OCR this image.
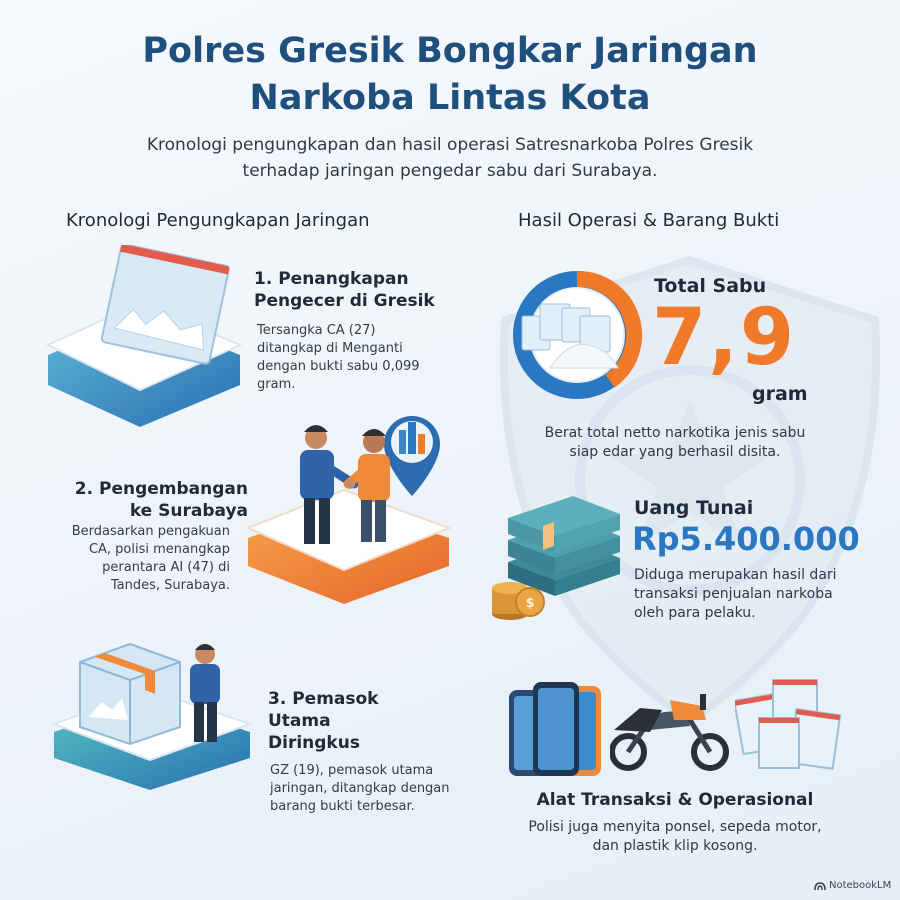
Polres Gresik Bongkar Jaringan
Narkoba Lintas Kota
Kronologi pengungkapan dan hasil operasi Satresnarkoba Polres Gresik
terhadap jaringan pengedar sabu dari Surabaya.
Kronologi Pengungkapan Jaringan
1. Penangkapan
Pengecer di Gresik
Tersangka CA (27)
ditangkap di Menganti
dengan bukti sabu 0,099
gram.
2. Pengembangan
ke Surabaya
Berdasarkan pengakuan
CA, polisi menangkap
perantara AI (47) di
Tandes, Surabaya.
3. Pemasok
Utama
Diringkus
GZ (19), pemasok utama
jaringan, ditangkap dengan
barang bukti terbesar.
Hasil Operasi & Barang Bukti
Total Sabu
7,9
gram
Berat total netto narkotika jenis sabu
siap edar yang berhasil disita.
$
Uang Tunai
Rp5.400.000
Diduga merupakan hasil dari
transaksi penjualan narkoba
oleh para pelaku.
Alat Transaksi & Operasional
Polisi juga menyita ponsel, sepeda motor,
dan plastik klip kosong.
NotebookLM
